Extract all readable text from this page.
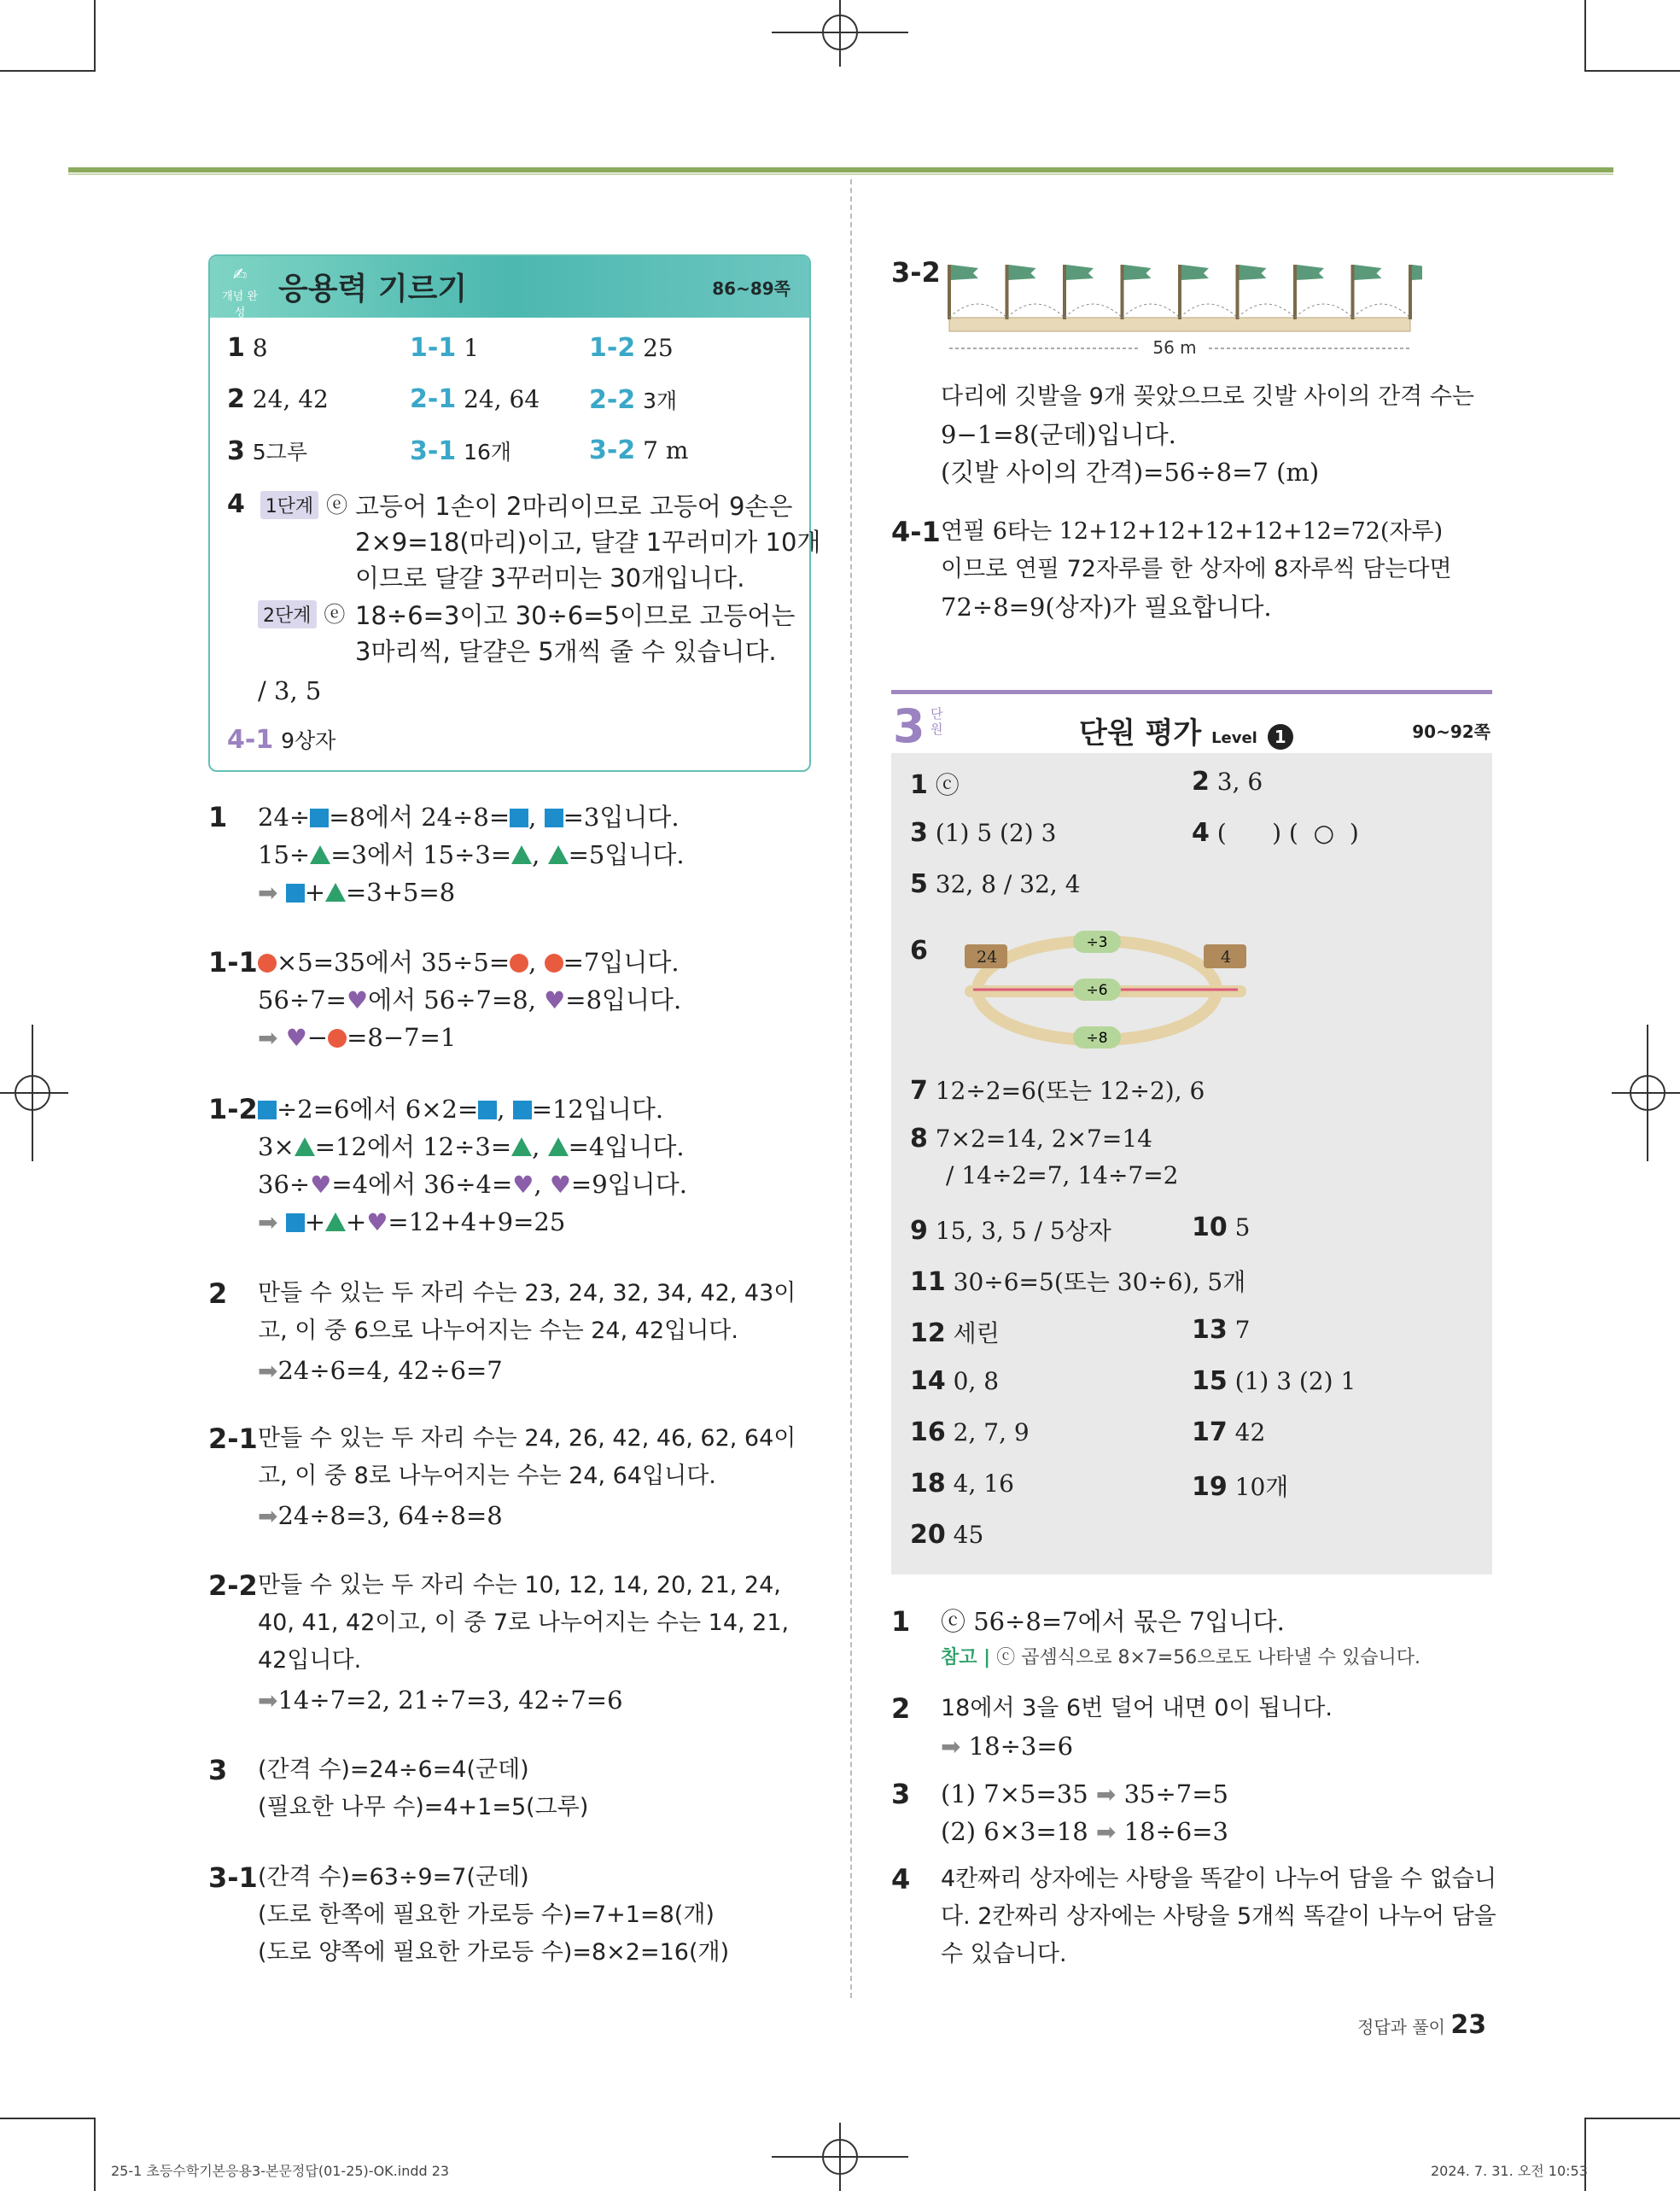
✍
개념 완성
응용력 기르기	86~89쪽
1 8	1-1 1	1-2 25
2 24, 42	2-1 24, 64 2-2 3개
3 5그루	3-1 16개	3-2 7 m
4 1단계 ⓔ 고등어 1손이 2마리이므로 고등어 9손은
2×9=18(마리)이고, 달걀 1꾸러미가 10개
이므로 달걀 3꾸러미는 30개입니다.
2단계 ⓔ 18÷6=3이고 30÷6=5이므로 고등어는
3마리씩, 달걀은 5개씩 줄 수 있습니다.
/ 3, 5
4-1 9상자
1 24÷ =8에서 24÷8= , =3입니다.
15÷ =3에서 15÷3= , =5입니다.
➡ + =3+5=8
1-1 ×5=35에서 35÷5= , =7입니다.
56÷7=♥에서 56÷7=8, ♥=8입니다.
➡ ♥− =8−7=1
1-2 ÷2=6에서 6×2= , =12입니다.
3× =12에서 12÷3= , =4입니다.
36÷♥=4에서 36÷4=♥, ♥=9입니다.
➡ + +♥=12+4+9=25
2 만들 수 있는 두 자리 수는 23, 24, 32, 34, 42, 43이
고, 이 중 6으로 나누어지는 수는 24, 42입니다.
➡24÷6=4, 42÷6=7
2-1 만들 수 있는 두 자리 수는 24, 26, 42, 46, 62, 64이
고, 이 중 8로 나누어지는 수는 24, 64입니다.
➡24÷8=3, 64÷8=8
2-2 만들 수 있는 두 자리 수는 10, 12, 14, 20, 21, 24,
40, 41, 42이고, 이 중 7로 나누어지는 수는 14, 21,
42입니다.
➡14÷7=2, 21÷7=3, 42÷7=6
3 (간격 수)=24÷6=4(군데)
(필요한 나무 수)=4+1=5(그루)
3-1 (간격 수)=63÷9=7(군데)
(도로 한쪽에 필요한 가로등 수)=7+1=8(개)
(도로 양쪽에 필요한 가로등 수)=8×2=16(개)
3-2
56 m
다리에 깃발을 9개 꽂았으므로 깃발 사이의 간격 수는
9−1=8(군데)입니다.
(깃발 사이의 간격)=56÷8=7 (m)
4-1 연필 6타는 12+12+12+12+12+12=72(자루)
이므로 연필 72자루를 한 상자에 8자루씩 담는다면
72÷8=9(상자)가 필요합니다.
3 단
원	단원 평가 Level 1	90~92쪽
1 ⓒ	2 3, 6
3 (1) 5 (2) 3	4 (      ) (  ○  )
5 32, 8 / 32, 4
6
7 12÷2=6(또는 12÷2), 6
8 7×2=14, 2×7=14
/ 14÷2=7, 14÷7=2
9 15, 3, 5 / 5상자	10 5
11 30÷6=5(또는 30÷6), 5개
12 세린	13 7
14 0, 8	15 (1) 3 (2) 1
16 2, 7, 9	17 42
18 4, 16	19 10개
20 45
24	4
÷3
÷6
÷8
1 ⓒ 56÷8=7에서 몫은 7입니다.
참고 | ⓒ 곱셈식으로 8×7=56으로도 나타낼 수 있습니다.
2 18에서 3을 6번 덜어 내면 0이 됩니다.
➡ 18÷3=6
3 (1) 7×5=35 ➡ 35÷7=5
(2) 6×3=18 ➡ 18÷6=3
4 4칸짜리 상자에는 사탕을 똑같이 나누어 담을 수 없습니
다. 2칸짜리 상자에는 사탕을 5개씩 똑같이 나누어 담을
수 있습니다.
정답과 풀이 23
25-1 초등수학기본응용3-본문정답(01-25)-OK.indd 23	2024. 7. 31. 오전 10:53
